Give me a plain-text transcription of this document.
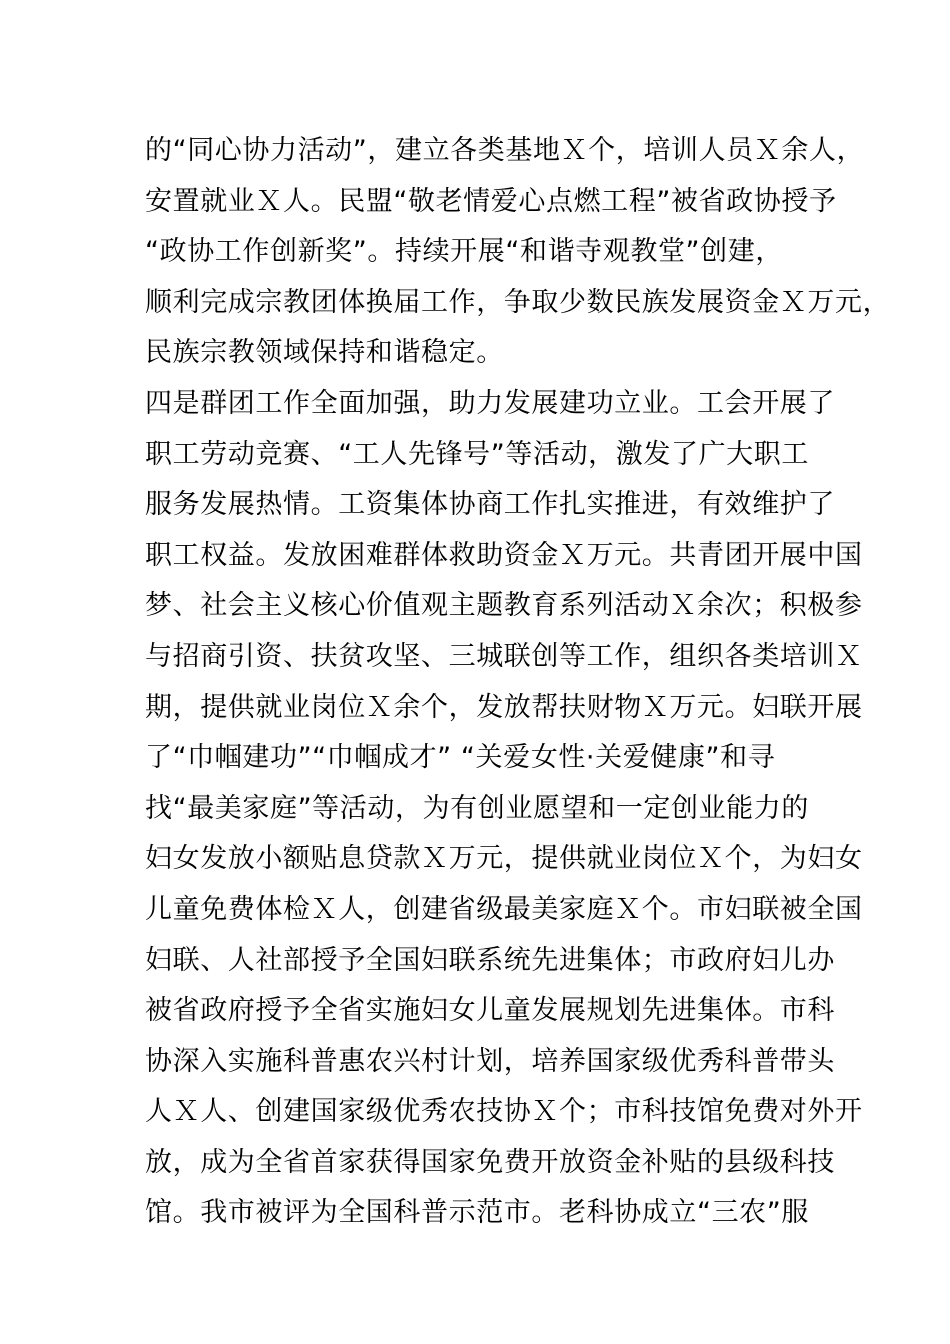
的“同心协力活动”，建立各类基地Ｘ个，培训人员Ｘ余人，
安置就业Ｘ人。民盟“敬老情爱心点燃工程”被省政协授予
“政协工作创新奖”。持续开展“和谐寺观教堂”创建，
顺利完成宗教团体换届工作，争取少数民族发展资金Ｘ万元，
民族宗教领域保持和谐稳定。
四是群团工作全面加强，助力发展建功立业。工会开展了
职工劳动竞赛、“工人先锋号”等活动，激发了广大职工
服务发展热情。工资集体协商工作扎实推进，有效维护了
职工权益。发放困难群体救助资金Ｘ万元。共青团开展中国
梦、社会主义核心价值观主题教育系列活动Ｘ余次；积极参
与招商引资、扶贫攻坚、三城联创等工作，组织各类培训Ｘ
期，提供就业岗位Ｘ余个，发放帮扶财物Ｘ万元。妇联开展
了“巾帼建功”“巾帼成才” “关爱女性·关爱健康”和寻
找“最美家庭”等活动，为有创业愿望和一定创业能力的
妇女发放小额贴息贷款Ｘ万元，提供就业岗位Ｘ个，为妇女
儿童免费体检Ｘ人，创建省级最美家庭Ｘ个。市妇联被全国
妇联、人社部授予全国妇联系统先进集体；市政府妇儿办
被省政府授予全省实施妇女儿童发展规划先进集体。市科
协深入实施科普惠农兴村计划，培养国家级优秀科普带头
人Ｘ人、创建国家级优秀农技协Ｘ个；市科技馆免费对外开
放，成为全省首家获得国家免费开放资金补贴的县级科技
馆。我市被评为全国科普示范市。老科协成立“三农”服
